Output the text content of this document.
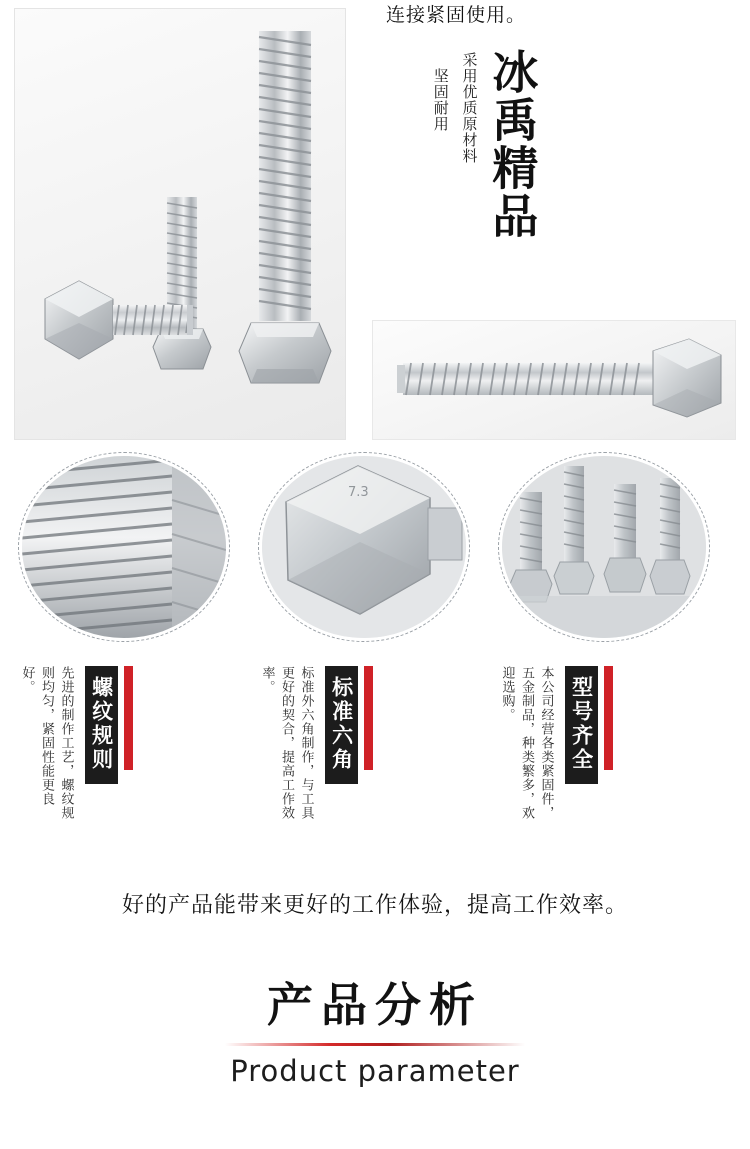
连接紧固使用。
冰禹精品
采用优质原材料
坚固耐用
螺纹规则
先进的制作工艺，螺纹规则均匀，紧固性能更良好。
7.3
标准六角
标准外六角制作，与工具更好的契合，提高工作效率。	型号齐全
本公司经营各类紧固件，五金制品，种类繁多，欢迎选购。
好的产品能带来更好的工作体验，提高工作效率。
产品分析
Product parameter
